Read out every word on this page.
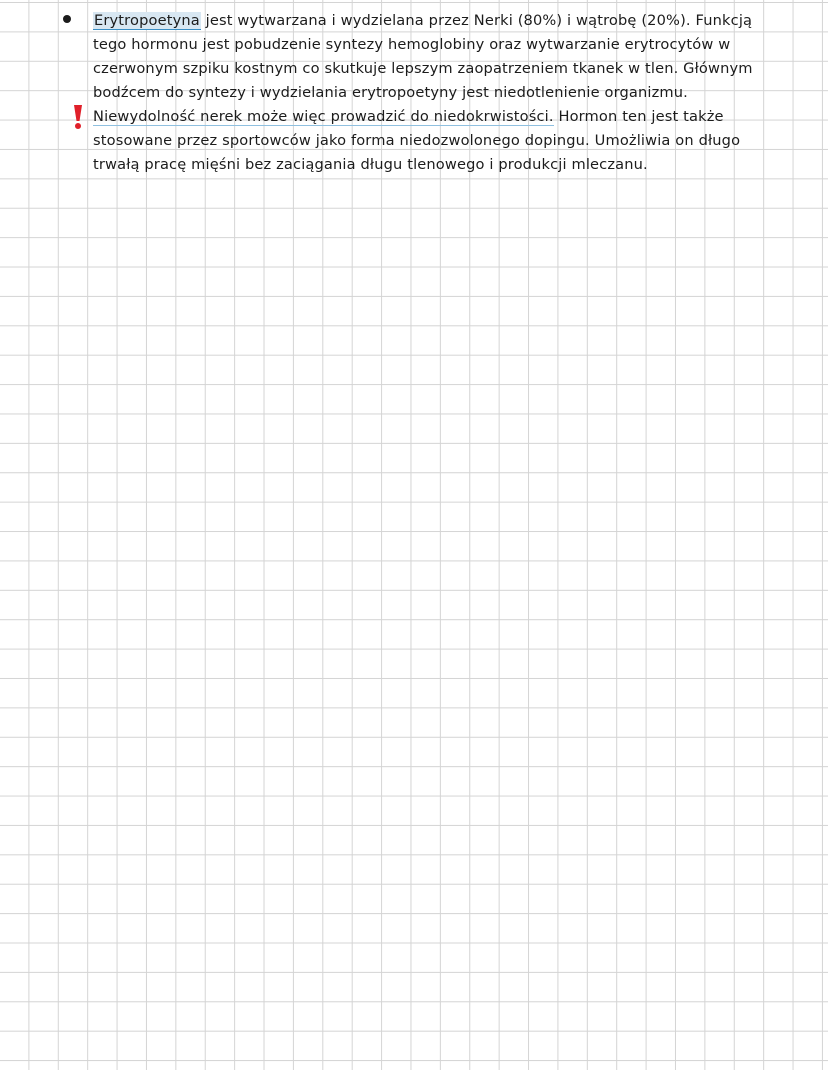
Erytropoetyna jest wytwarzana i wydzielana przez Nerki (80%) i wątrobę (20%). Funkcją
tego hormonu jest pobudzenie syntezy hemoglobiny oraz wytwarzanie erytrocytów w
czerwonym szpiku kostnym co skutkuje lepszym zaopatrzeniem tkanek w tlen. Głównym
bodźcem do syntezy i wydzielania erytropoetyny jest niedotlenienie organizmu.
Niewydolność nerek może więc prowadzić do niedokrwistości. Hormon ten jest także
stosowane przez sportowców jako forma niedozwolonego dopingu. Umożliwia on długo
trwałą pracę mięśni bez zaciągania długu tlenowego i produkcji mleczanu.
